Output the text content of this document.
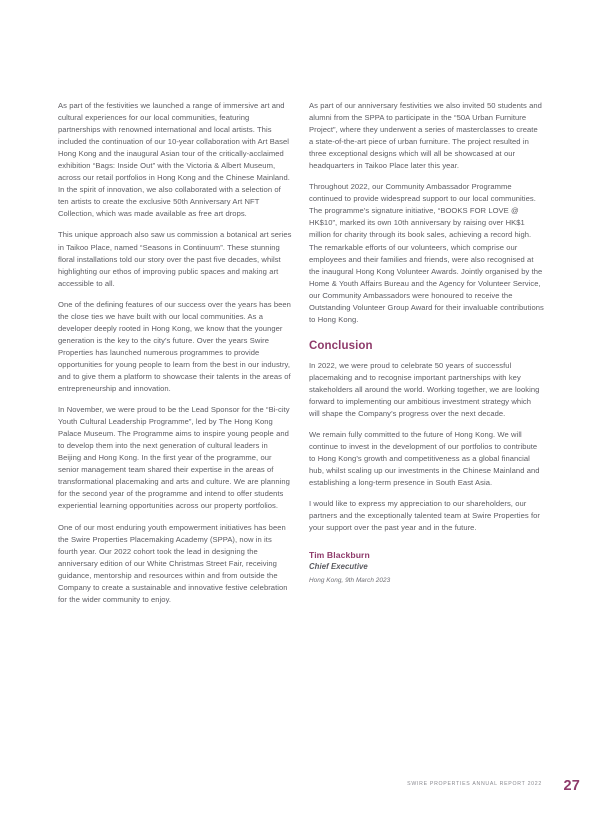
As part of the festivities we launched a range of immersive art and cultural experiences for our local communities, featuring partnerships with renowned international and local artists. This included the continuation of our 10-year collaboration with Art Basel Hong Kong and the inaugural Asian tour of the critically-acclaimed exhibition “Bags: Inside Out” with the Victoria & Albert Museum, across our retail portfolios in Hong Kong and the Chinese Mainland. In the spirit of innovation, we also collaborated with a selection of ten artists to create the exclusive 50th Anniversary Art NFT Collection, which was made available as free art drops.

This unique approach also saw us commission a botanical art series in Taikoo Place, named “Seasons in Continuum”. These stunning floral installations told our story over the past five decades, whilst highlighting our ethos of improving public spaces and making art accessible to all.

One of the defining features of our success over the years has been the close ties we have built with our local communities. As a developer deeply rooted in Hong Kong, we know that the younger generation is the key to the city’s future. Over the years Swire Properties has launched numerous programmes to provide opportunities for young people to learn from the best in our industry, and to give them a platform to showcase their talents in the areas of entrepreneurship and innovation.

In November, we were proud to be the Lead Sponsor for the “Bi-city Youth Cultural Leadership Programme”, led by The Hong Kong Palace Museum. The Programme aims to inspire young people and to develop them into the next generation of cultural leaders in Beijing and Hong Kong. In the first year of the programme, our senior management team shared their expertise in the areas of transformational placemaking and arts and culture. We are planning for the second year of the programme and intend to offer students experiential learning opportunities across our property portfolios.

One of our most enduring youth empowerment initiatives has been the Swire Properties Placemaking Academy (SPPA), now in its fourth year. Our 2022 cohort took the lead in designing the anniversary edition of our White Christmas Street Fair, receiving guidance, mentorship and resources within and from outside the Company to create a sustainable and innovative festive celebration for the wider community to enjoy.

As part of our anniversary festivities we also invited 50 students and alumni from the SPPA to participate in the “50A Urban Furniture Project”, where they underwent a series of masterclasses to create a state-of-the-art piece of urban furniture. The project resulted in three exceptional designs which will all be showcased at our headquarters in Taikoo Place later this year.

Throughout 2022, our Community Ambassador Programme continued to provide widespread support to our local communities. The programme’s signature initiative, “BOOKS FOR LOVE @ HK$10”, marked its own 10th anniversary by raising over HK$1 million for charity through its book sales, achieving a record high. The remarkable efforts of our volunteers, which comprise our employees and their families and friends, were also recognised at the inaugural Hong Kong Volunteer Awards. Jointly organised by the Home & Youth Affairs Bureau and the Agency for Volunteer Service, our Community Ambassadors were honoured to receive the Outstanding Volunteer Group Award for their invaluable contributions to Hong Kong.

Conclusion

In 2022, we were proud to celebrate 50 years of successful placemaking and to recognise important partnerships with key stakeholders all around the world. Working together, we are looking forward to implementing our ambitious investment strategy which will shape the Company’s progress over the next decade.

We remain fully committed to the future of Hong Kong. We will continue to invest in the development of our portfolios to contribute to Hong Kong’s growth and competitiveness as a global financial hub, whilst scaling up our investments in the Chinese Mainland and establishing a long-term presence in South East Asia.

I would like to express my appreciation to our shareholders, our partners and the exceptionally talented team at Swire Properties for your support over the past year and in the future.

Tim Blackburn
Chief Executive
Hong Kong, 9th March 2023
SWIRE PROPERTIES ANNUAL REPORT 2022 27
